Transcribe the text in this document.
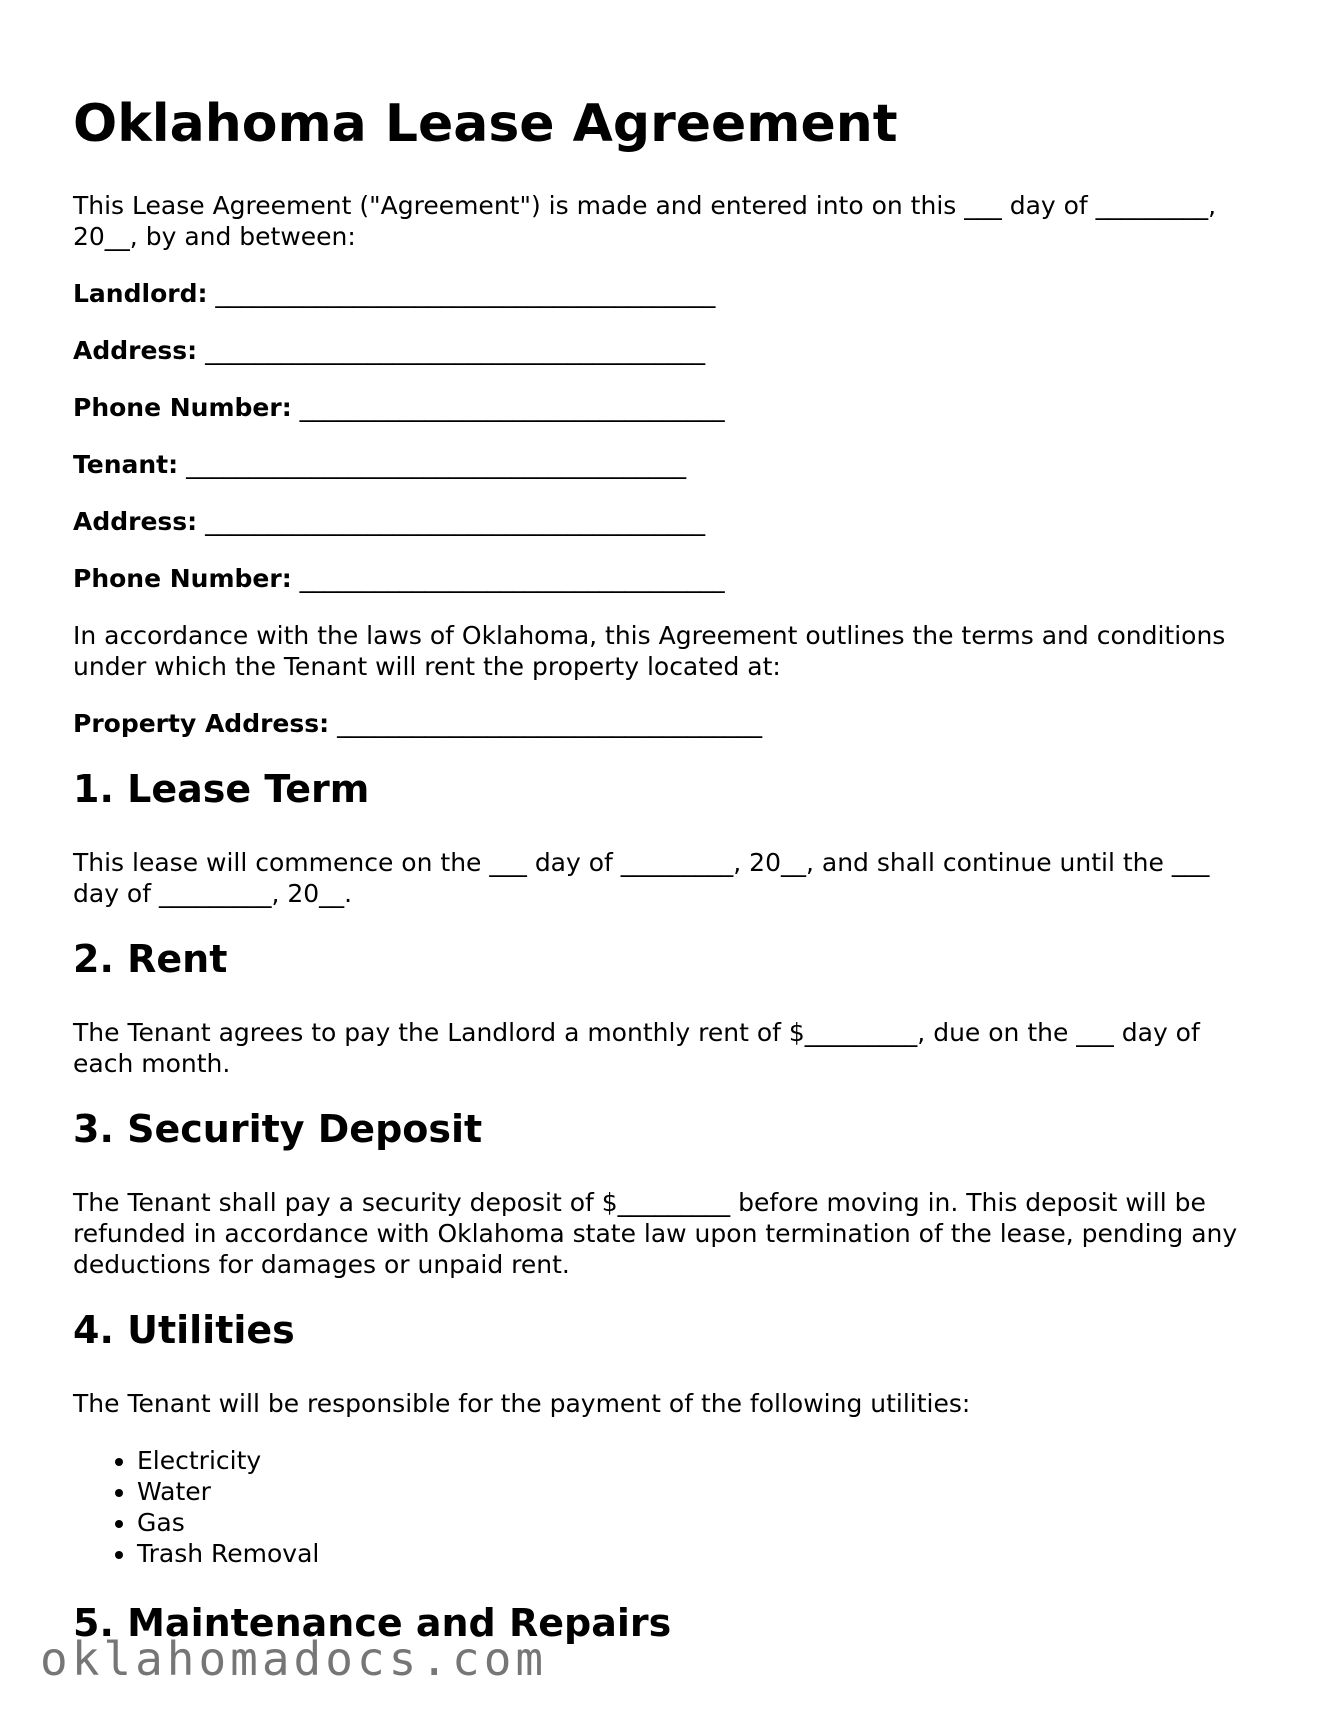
Oklahoma Lease Agreement

This Lease Agreement ("Agreement") is made and entered into on this ___ day of _________, 20__, by and between:

Landlord: ________________________________________
Address: ________________________________________
Phone Number: __________________________________
Tenant: ________________________________________
Address: ________________________________________
Phone Number: __________________________________

In accordance with the laws of Oklahoma, this Agreement outlines the terms and conditions under which the Tenant will rent the property located at:

Property Address: __________________________________
1. Lease Term

This lease will commence on the ___ day of _________, 20__, and shall continue until the ___ day of _________, 20__.

2. Rent

The Tenant agrees to pay the Landlord a monthly rent of $_________, due on the ___ day of each month.

3. Security Deposit

The Tenant shall pay a security deposit of $_________ before moving in. This deposit will be refunded in accordance with Oklahoma state law upon termination of the lease, pending any deductions for damages or unpaid rent.

4. Utilities

The Tenant will be responsible for the payment of the following utilities:

• Electricity
• Water
• Gas
• Trash Removal
5. Maintenance and Repairs
oklahomadocs.com
